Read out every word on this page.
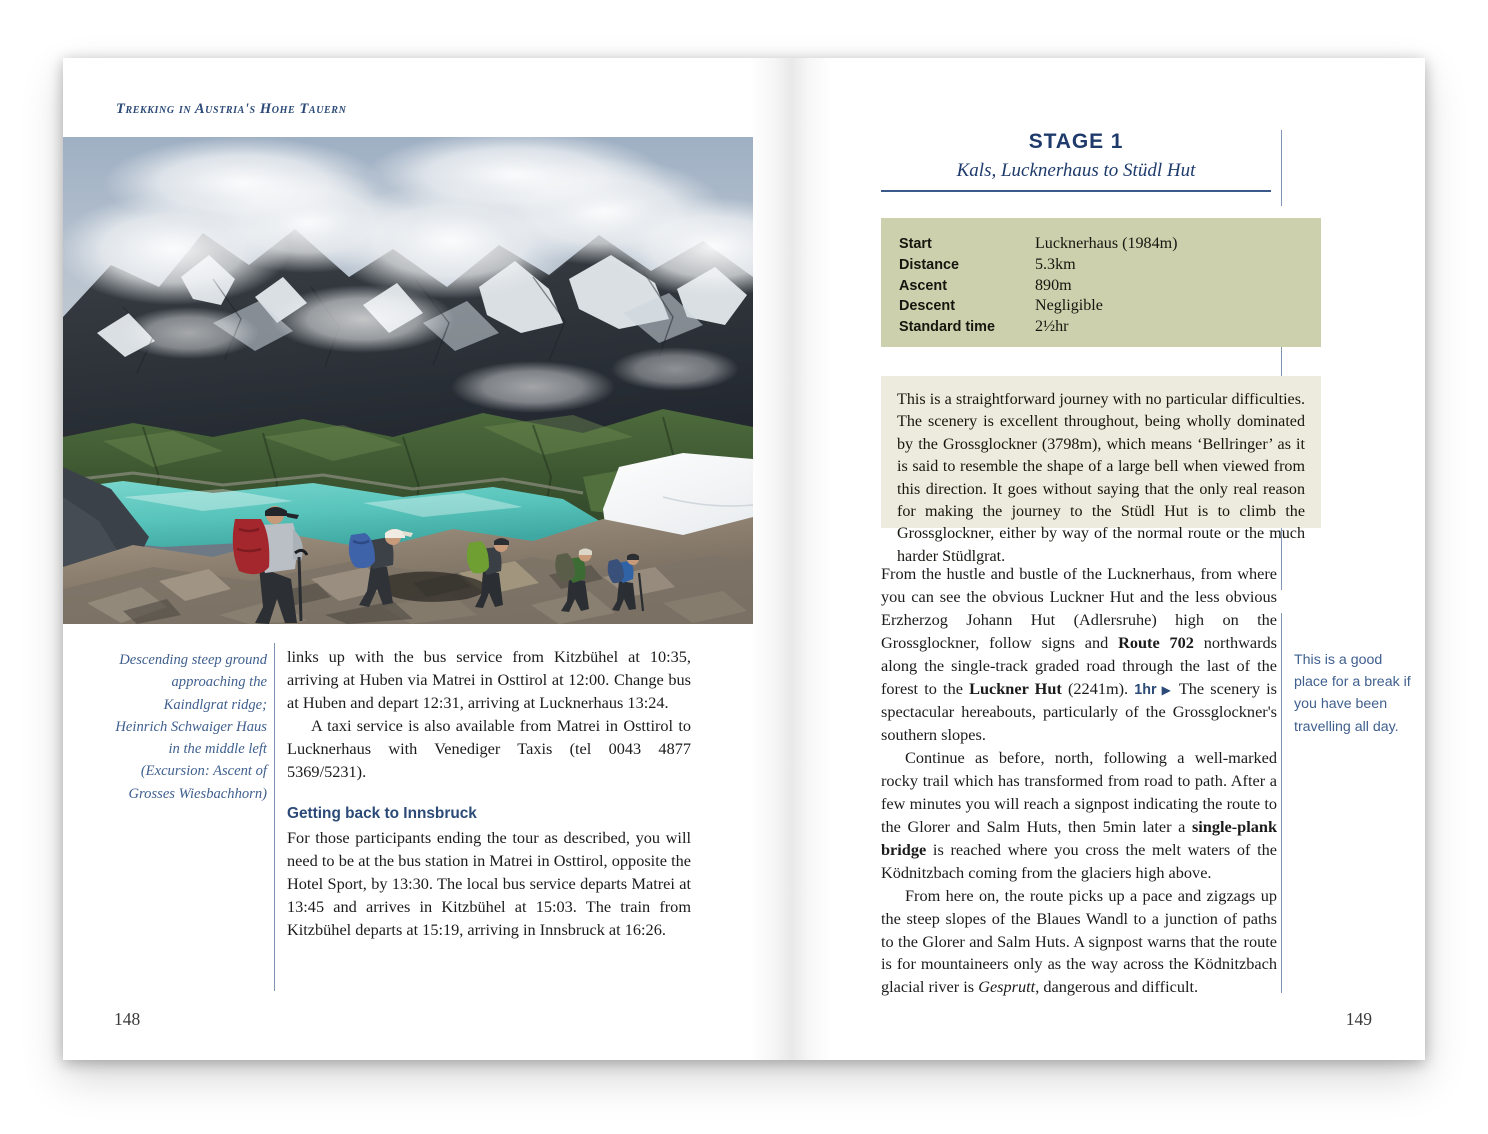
Trekking in Austria's Hohe Tauern
Descending steep ground approaching the Kaindlgrat ridge; Heinrich Schwaiger Haus in the middle left (Excursion: Ascent of Grosses Wiesbachhorn)

links up with the bus service from Kitzbühel at 10:35, arriving at Huben via Matrei in Osttirol at 12:00. Change bus at Huben and depart 12:31, arriving at Lucknerhaus 13:24.

A taxi service is also available from Matrei in Osttirol to Lucknerhaus with Venediger Taxis (tel 0043 4877 5369/5231).

Getting back to Innsbruck

For those participants ending the tour as described, you will need to be at the bus station in Matrei in Osttirol, opposite the Hotel Sport, by 13:30. The local bus service departs Matrei at 13:45 and arrives in Kitzbühel at 15:03. The train from Kitzbühel departs at 15:19, arriving in Innsbruck at 16:26.

148
STAGE 1
Kals, Lucknerhaus to Stüdl Hut
Start	Lucknerhaus (1984m)
Distance	5.3km
Ascent	890m
Descent	Negligible
Standard time	2½hr
This is a straightforward journey with no particular difficulties. The scenery is excellent throughout, being wholly dominated by the Grossglockner (3798m), which means ‘Bellringer’ as it is said to resemble the shape of a large bell when viewed from this direction. It goes without saying that the only real reason for making the journey to the Stüdl Hut is to climb the Grossglockner, either by way of the normal route or the much harder Stüdlgrat.

From the hustle and bustle of the Lucknerhaus, from where you can see the obvious Luckner Hut and the less obvious Erzherzog Johann Hut (Adlersruhe) high on the Grossglockner, follow signs and Route 702 northwards along the single-track graded road through the last of the forest to the Luckner Hut (2241m). 1hr ▶ The scenery is spectacular hereabouts, particularly of the Grossglockner's southern slopes.

Continue as before, north, following a well-marked rocky trail which has transformed from road to path. After a few minutes you will reach a signpost indicating the route to the Glorer and Salm Huts, then 5min later a single-plank bridge is reached where you cross the melt waters of the Ködnitzbach coming from the glaciers high above.

From here on, the route picks up a pace and zigzags up the steep slopes of the Blaues Wandl to a junction of paths to the Glorer and Salm Huts. A signpost warns that the route is for mountaineers only as the way across the Ködnitzbach glacial river is Gesprutt, dangerous and difficult.

This is a good place for a break if you have been travelling all day.
149
